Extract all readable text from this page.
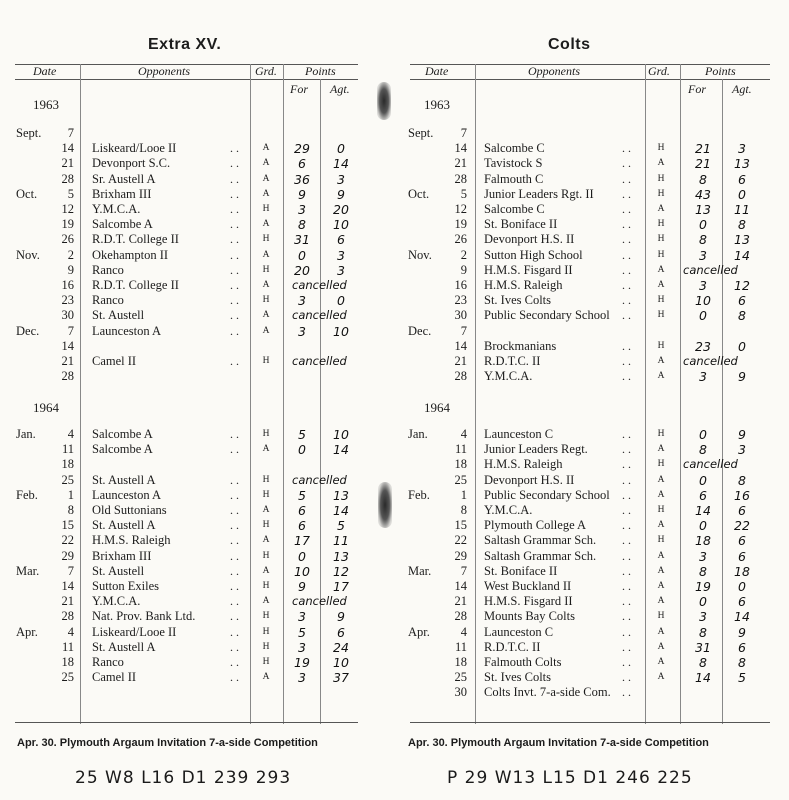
Extra XV.
Date	Opponents	Grd. Points
For Agt.
1963
1964
Apr. 30. Plymouth Argaum Invitation 7-a-side Competition
25 W8 L16 D1 239 293
Sept.	7
14 Liskeard/Looe II	. .	A	29	0
21 Devonport S.C.	. .	A	6	14
28 Sr. Austell A	. .	A	36	3
Oct.	5 Brixham III	. .	A	9	9
12 Y.M.C.A.	. .	H	3	20
19 Salcombe A	. .	A	8	10
26 R.D.T. College II	. .	H	31	6
Nov.	2 Okehampton II	. .	A	0	3
9 Ranco	. .	H	20	3
16 R.D.T. College II	. .	A	cancelled
23 Ranco	. .	H	3	0
30 St. Austell	. .	A	cancelled
Dec.	7 Launceston A	. .	A	3	10
14
21 Camel II	. .	H	cancelled
28
Jan.	4 Salcombe A	. .	H	5	10
11 Salcombe A	. .	A	0	14
18
25 St. Austell A	. .	H	cancelled
Feb.	1 Launceston A	. .	H	5	13
8 Old Suttonians	. .	A	6	14
15 St. Austell A	. .	H	6	5
22 H.M.S. Raleigh	. .	A	17	11
29 Brixham III	. .	H	0	13
Mar.	7 St. Austell	. .	A	10	12
14 Sutton Exiles	. .	H	9	17
21 Y.M.C.A.	. .	A	cancelled
28 Nat. Prov. Bank Ltd.	. .	H	3	9
Apr.	4 Liskeard/Looe II	. .	H	5	6
11 St. Austell A	. .	H	3	24
18 Ranco	. .	H	19	10
25 Camel II	. .	A	3	37
Colts
Date	Opponents	Grd.	Points
For Agt.
1963
1964
Apr. 30. Plymouth Argaum Invitation 7-a-side Competition
P 29 W13 L15 D1 246 225
Sept.	7
14 Salcombe C	. .	H	21	3
21 Tavistock S	. .	A	21	13
28 Falmouth C	. .	H	8	6
Oct.	5 Junior Leaders Rgt. II . .	H	43	0
12 Salcombe C	. .	A	13	11
19 St. Boniface II	. .	H	0	8
26 Devonport H.S. II	. .	H	8	13
Nov.	2 Sutton High School	. .	H	3	14
9 H.M.S. Fisgard II	. .	A	cancelled
16 H.M.S. Raleigh	. .	A	3	12
23 St. Ives Colts	. .	H	10	6
30 Public Secondary School . .	H	0	8
Dec.	7
14 Brockmanians	. .	H	23	0
21 R.D.T.C. II	. .	A	cancelled
28 Y.M.C.A.	. .	A	3	9
Jan.	4 Launceston C	. .	H	0	9
11 Junior Leaders Regt.	. .	A	8	3
18 H.M.S. Raleigh	. .	H	cancelled
25 Devonport H.S. II	. .	A	0	8
Feb.	1 Public Secondary School . .	A	6	16
8 Y.M.C.A.	. .	H	14	6
15 Plymouth College A	. .	A	0	22
22 Saltash Grammar Sch. . .	H	18	6
29 Saltash Grammar Sch. . .	A	3	6
Mar.	7 St. Boniface II	. .	A	8	18
14 West Buckland II	. .	A	19	0
21 H.M.S. Fisgard II	. .	A	0	6
28 Mounts Bay Colts	. .	H	3	14
Apr.	4 Launceston C	. .	A	8	9
11 R.D.T.C. II	. .	A	31	6
18 Falmouth Colts	. .	A	8	8
25 St. Ives Colts	. .	A	14	5
30 Colts Invt. 7-a-side Com. . .
